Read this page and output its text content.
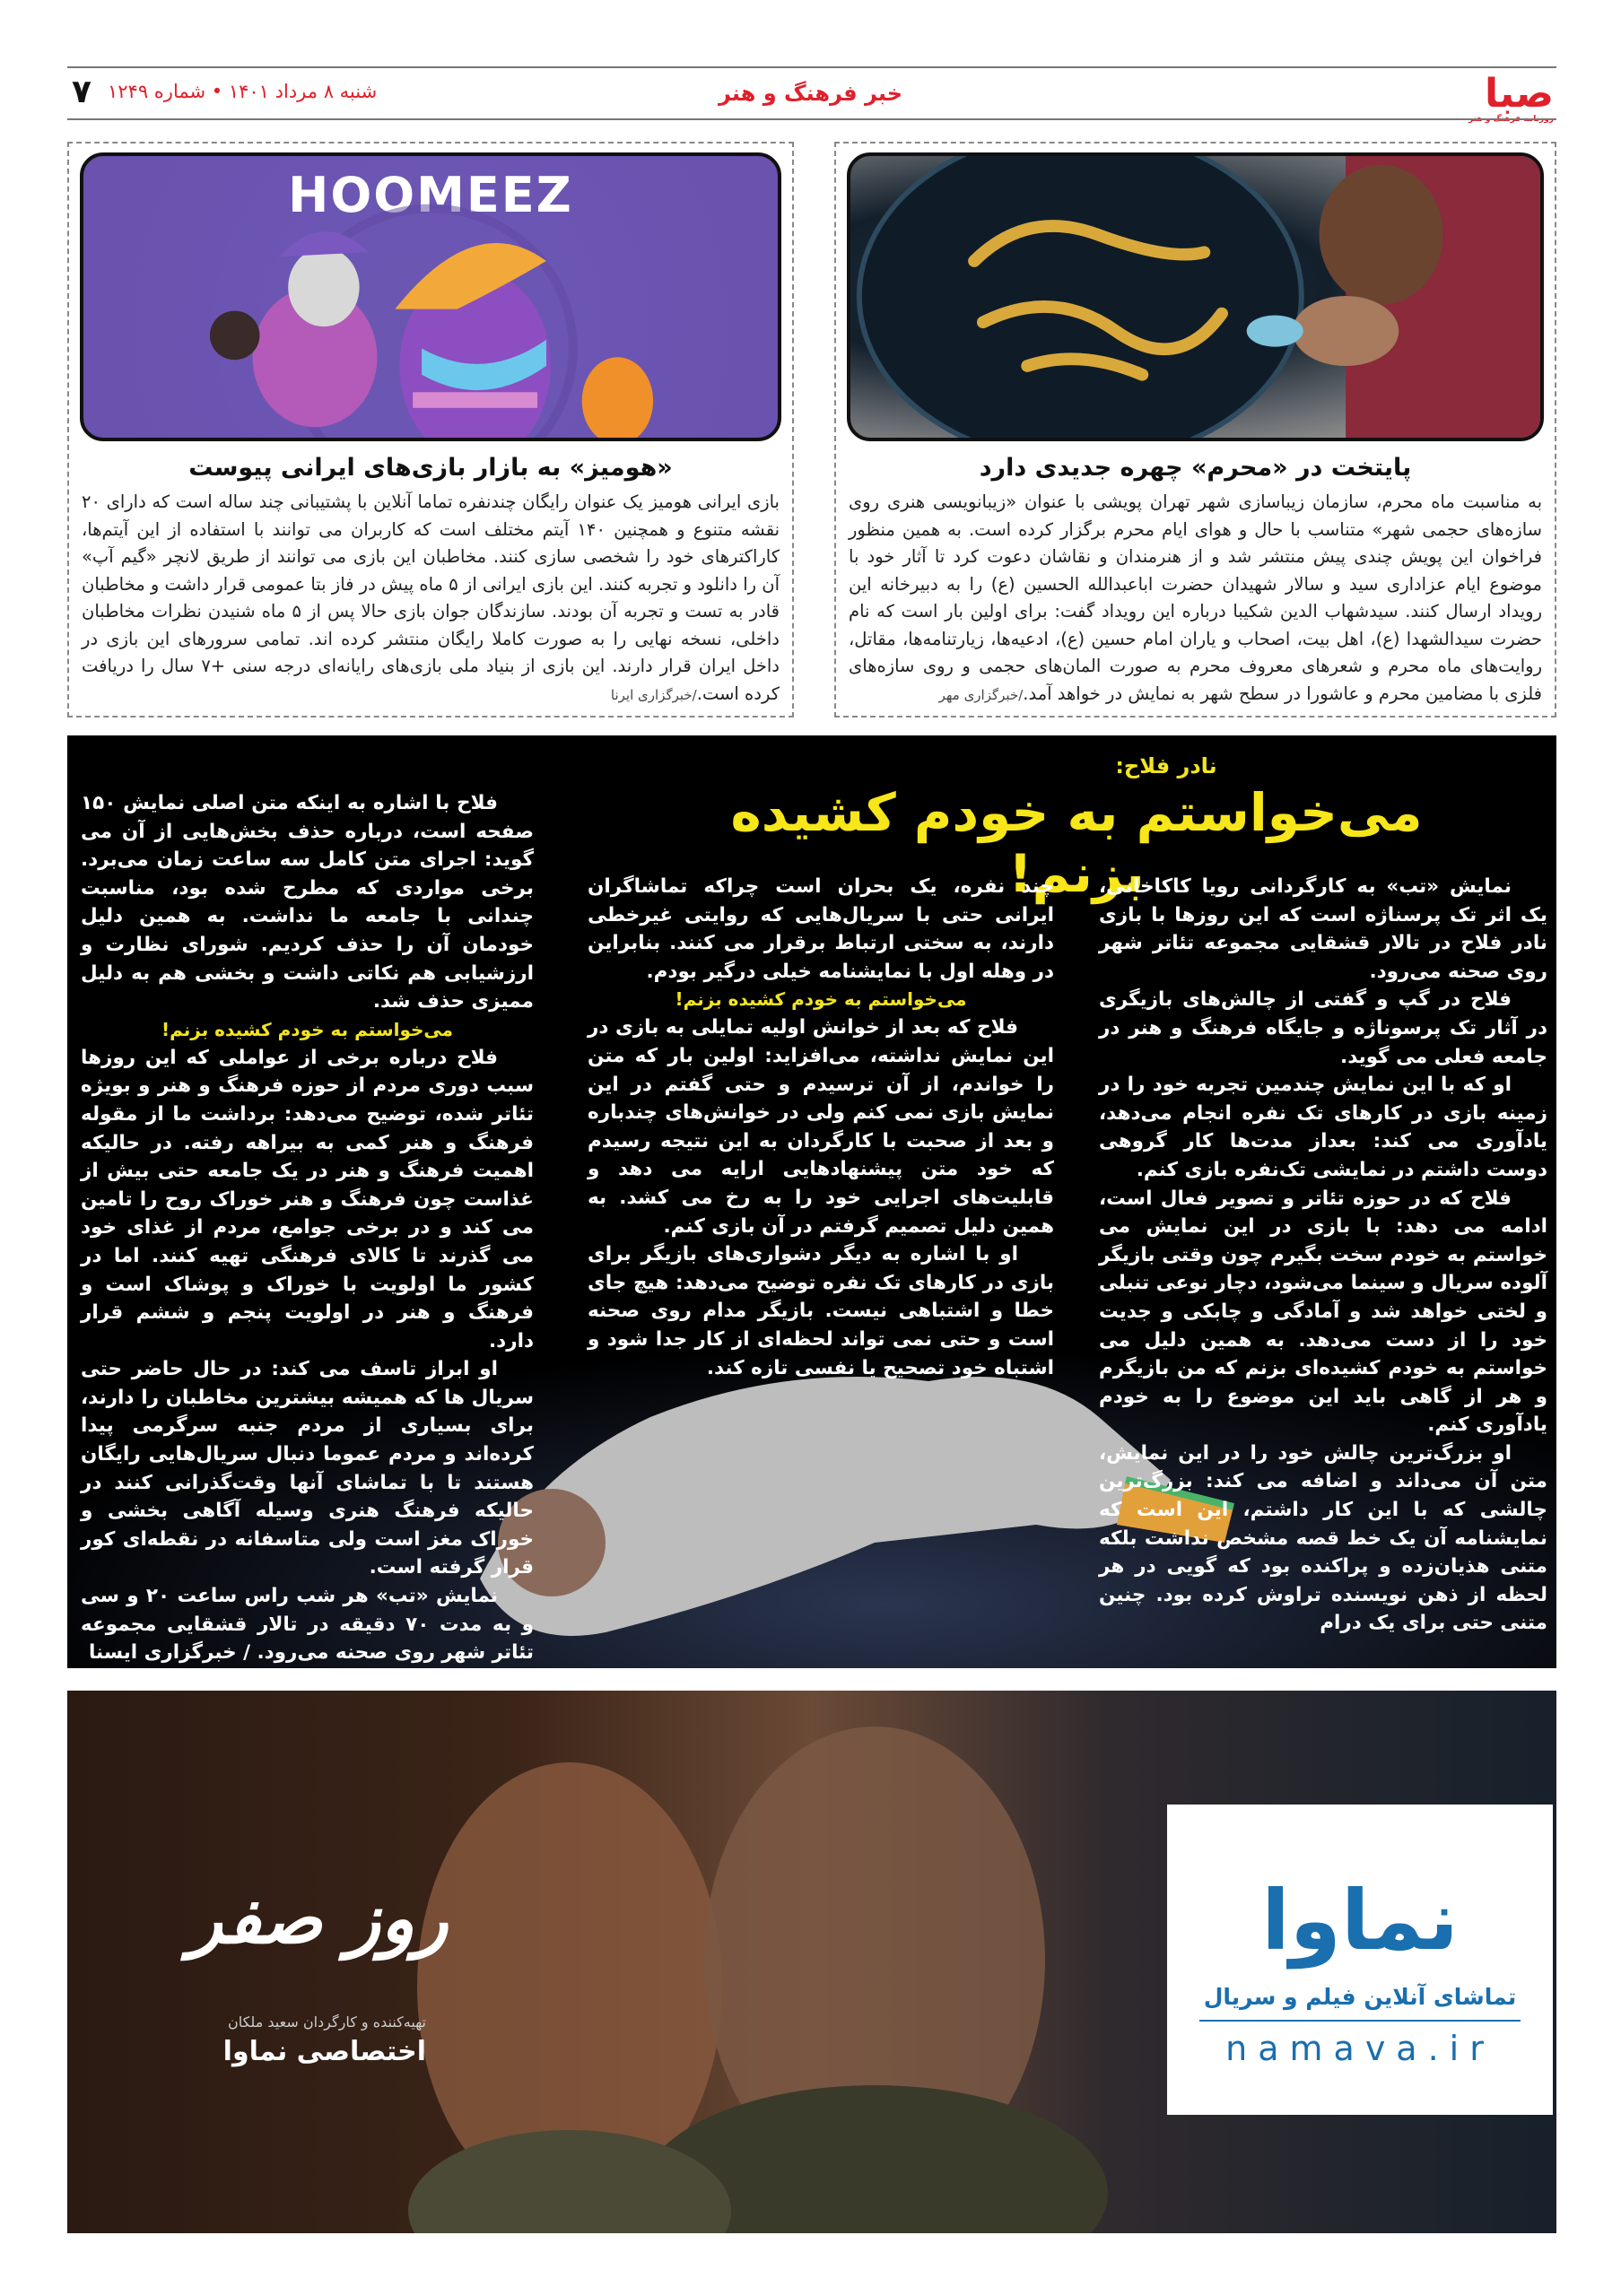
صبا
خبر فرهنگ و هنر
شنبه ۸ مرداد ۱۴۰۱ • شماره ۱۲۴۹
۷
پایتخت در «محرم» چهره جدیدی دارد
به مناسبت ماه محرم، سازمان زیباسازی شهر تهران پویشی با عنوان «زیبانویسی هنری روی سازه‌های حجمی شهر» متناسب با حال و هوای ایام محرم برگزار کرده است. به همین منظور فراخوان این پویش چندی پیش منتشر شد و از هنرمندان و نقاشان دعوت کرد تا آثار خود با موضوع ایام عزاداری سید و سالار شهیدان حضرت اباعبدالله الحسین (ع) را به دبیرخانه این رویداد ارسال کنند. سیدشهاب الدین شکیبا درباره این رویداد گفت: برای اولین بار است که نام حضرت سیدالشهدا (ع)، اهل بیت، اصحاب و یاران امام حسین (ع)، ادعیه‌ها، زیارتنامه‌ها، مقاتل، روایت‌های ماه محرم و شعرهای معروف محرم به صورت المان‌های حجمی و روی سازه‌های فلزی با مضامین محرم و عاشورا در سطح شهر به نمایش در خواهد آمد./خبرگزاری مهر
HOOMEEZ
«هومیز» به بازار بازی‌های ایرانی پیوست
بازی ایرانی هومیز یک عنوان رایگان چندنفره تماما آنلاین با پشتیبانی چند ساله است که دارای ۲۰ نقشه متنوع و همچنین ۱۴۰ آیتم مختلف است که کاربران می توانند با استفاده از این آیتم‌ها، کاراکترهای خود را شخصی سازی کنند. مخاطبان این بازی می توانند از طریق لانچر «گیم آپ» آن را دانلود و تجربه کنند. این بازی ایرانی از ۵ ماه پیش در فاز بتا عمومی قرار داشت و مخاطبان قادر به تست و تجربه آن بودند. سازندگان جوان بازی حالا پس از ۵ ماه شنیدن نظرات مخاطبان داخلی، نسخه نهایی را به صورت کاملا رایگان منتشر کرده اند. تمامی سرورهای این بازی در داخل ایران قرار دارند. این بازی از بنیاد ملی بازی‌های رایانه‌ای درجه سنی +۷ سال را دریافت کرده است./خبرگزاری ایرنا
نادر فلاح:
می‌خواستم به خودم کشیده بزنم!

نمایش «تب» به کارگردانی رویا کاکاخانی، یک اثر تک پرسناژه است که این روزها با بازی نادر فلاح در تالار قشقایی مجموعه تئاتر شهر روی صحنه می‌رود.

فلاح در گپ و گفتی از چالش‌های بازیگری در آثار تک پرسوناژه و جایگاه فرهنگ و هنر در جامعه فعلی می گوید.

او که با این نمایش چندمین تجربه خود را در زمینه بازی در کارهای تک نفره انجام می‌دهد، یادآوری می کند: بعداز مدت‌ها کار گروهی دوست داشتم در نمایشی تک‌نفره بازی کنم.

فلاح که در حوزه تئاتر و تصویر فعال است، ادامه می دهد: با بازی در این نمایش می خواستم به خودم سخت بگیرم چون وقتی بازیگر آلوده سریال و سینما می‌شود، دچار نوعی تنبلی و لختی خواهد شد و آمادگی و چابکی و جدیت خود را از دست می‌دهد. به همین دلیل می خواستم به خودم کشیده‌ای بزنم که من بازیگرم و هر از گاهی باید این موضوع را به خودم یادآوری کنم.

او بزرگ‌ترین چالش خود را در این نمایش، متن آن می‌داند و اضافه می کند: بزرگ‌ترین چالشی که با این کار داشتم، این است که نمایشنامه آن یک خط قصه مشخص نداشت بلکه متنی هذیان‌زده و پراکنده بود که گویی در هر لحظه از ذهن نویسنده تراوش کرده بود. چنین متنی حتی برای یک درام

چند نفره، یک بحران است چراکه تماشاگران ایرانی حتی با سریال‌هایی که روایتی غیرخطی دارند، به سختی ارتباط برقرار می کنند. بنابراین در وهله اول با نمایشنامه خیلی درگیر بودم.
می‌خواستم به خودم کشیده بزنم!

فلاح که بعد از خوانش اولیه تمایلی به بازی در این نمایش نداشته، می‌افزاید: اولین بار که متن را خواندم، از آن ترسیدم و حتی گفتم در این نمایش بازی نمی کنم ولی در خوانش‌های چندباره و بعد از صحبت با کارگردان به این نتیجه رسیدم که خود متن پیشنهادهایی ارایه می دهد و قابلیت‌های اجرایی خود را به رخ می کشد. به همین دلیل تصمیم گرفتم در آن بازی کنم.

او با اشاره به دیگر دشواری‌های بازیگر برای بازی در کارهای تک نفره توضیح می‌دهد: هیچ جای خطا و اشتباهی نیست. بازیگر مدام روی صحنه است و حتی نمی تواند لحظه‌ای از کار جدا شود و اشتباه خود تصحیح یا نفسی تازه کند.

فلاح با اشاره به اینکه متن اصلی نمایش ۱۵۰ صفحه است، درباره حذف بخش‌هایی از آن می گوید: اجرای متن کامل سه ساعت زمان می‌برد. برخی مواردی که مطرح شده بود، مناسبت چندانی با جامعه ما نداشت. به همین دلیل خودمان آن را حذف کردیم. شورای نظارت و ارزشیابی هم نکاتی داشت و بخشی هم به دلیل ممیزی حذف شد.

می‌خواستم به خودم کشیده بزنم!

فلاح درباره برخی از عواملی که این روزها سبب دوری مردم از حوزه فرهنگ و هنر و بویژه تئاتر شده، توضیح می‌دهد: برداشت ما از مقوله فرهنگ و هنر کمی به بیراهه رفته. در حالیکه اهمیت فرهنگ و هنر در یک جامعه حتی بیش از غذاست چون فرهنگ و هنر خوراک روح را تامین می کند و در برخی جوامع، مردم از غذای خود می گذرند تا کالای فرهنگی تهیه کنند. اما در کشور ما اولویت با خوراک و پوشاک است و فرهنگ و هنر در اولویت پنجم و ششم قرار دارد.

او ابراز تاسف می کند: در حال حاضر حتی سریال ها که همیشه بیشترین مخاطبان را دارند، برای بسیاری از مردم جنبه سرگرمی پیدا کرده‌اند و مردم عموما دنبال سریال‌هایی رایگان هستند تا با تماشای آنها وقت‌گذرانی کنند در حالیکه فرهنگ هنری وسیله آگاهی بخشی و خوراک مغز است ولی متاسفانه در نقطه‌ای کور قرار گرفته است.

نمایش «تب» هر شب راس ساعت ۲۰ و سی و به مدت ۷۰ دقیقه در تالار قشقایی مجموعه تئاتر شهر روی صحنه می‌رود. / خبرگزاری ایسنا

روز صفر
تهیه‌کننده و کارگردان سعید ملکان
اختصاصی نماوا
نماوا
تماشای آنلاین فیلم و سریال
namava.ir
